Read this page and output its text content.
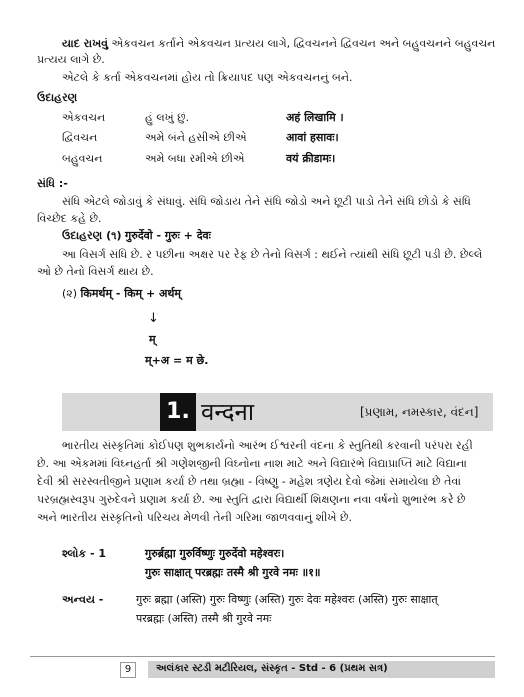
યાદ રાખવું એકવચન કર્તાને એકવચન પ્રત્યય લાગે, દ્વિવચનને દ્વિવચન અને બહુવચનને બહુવચન
પ્રત્યય લાગે છે.
એટલે કે કર્તા એકવચનમાં હોય તો ક્રિયાપદ પણ એકવચનનું બને.
ઉદાહરણ
એકવચન	હું લખું છું.	अहं लिखामि ।
દ્વિવચન	અમે બંને હસીએ છીએ	आवां हसावः।
બહુવચન	અમે બધા રમીએ છીએ	वयं क्रीडामः।
સંધિ :-
સંધિ એટલે જોડાવું કે સંધાવું. સંધિ જોડાય તેને સંધિ જોડો અને છૂટી પાડો તેને સંધિ છોડો કે સંધિ
વિચ્છેદ કહે છે.
ઉદાહરણ (૧) गुरुर्देवो - गुरुः + देवः
આ વિસર્ગ સંધિ છે. ર પછીના અક્ષર પર રેફ છે તેનો વિસર્ગ : થઈને ત્યાંથી સંધિ છૂટી પડી છે. છેલ્લે
ઓ છે તેનો વિસર્ગ થાય છે.
(૨) किमर्थम् - किम् + अर्थम्
↓
म्
म्+अ = म छे.
1. वन्दना	[પ્રણામ, નમસ્કાર, વંદન]
ભારતીય સંસ્કૃતિમાં કોઈપણ શુભકાર્યનો આરંભ ઈશ્વરની વંદના કે સ્તુતિથી કરવાની પરંપરા રહી
છે. આ એકમમાં વિઘ્નહર્તા શ્રી ગણેશજીની વિઘ્નોના નાશ માટે અને વિદ્યારંભે વિદ્યાપ્રાપ્તિ માટે વિદ્યાના
દેવી શ્રી સરસ્વતીજીને પ્રણામ કર્યા છે તથા બ્રહ્મા - વિષ્ણુ - મહેશ ત્રણેય દેવો જેમાં સમાયેલા છે તેવાં
પરબ્રહ્મસ્વરૂપ ગુરુદેવને પ્રણામ કર્યા છે. આ સ્તુતિ દ્વારા વિદ્યાર્થી શિક્ષણના નવા વર્ષનો શુભારંભ કરે છે
અને ભારતીય સંસ્કૃતિનો પરિચય મેળવી તેની ગરિમા જાળવવાનું શીખે છે.
શ્લોક - 1	गुरुर्ब्रह्मा गुरुर्विष्णुः गुरुर्देवो महेश्वरः।
गुरुः साक्षात् परब्रह्मः तस्मै श्री गुरवे नमः ॥१॥
અન્વય -	गुरुः ब्रह्मा (अस्ति) गुरुः विष्णुः (अस्ति) गुरुः देवः महेश्वरः (अस्ति) गुरुः साक्षात्
परब्रह्मः (अस्ति) तस्मै श्री गुरवे नमः
9	અલંકાર સ્ટડી મટીરિયલ, સંસ્કૃત - Std - 6 (પ્રથમ સત્ર)
